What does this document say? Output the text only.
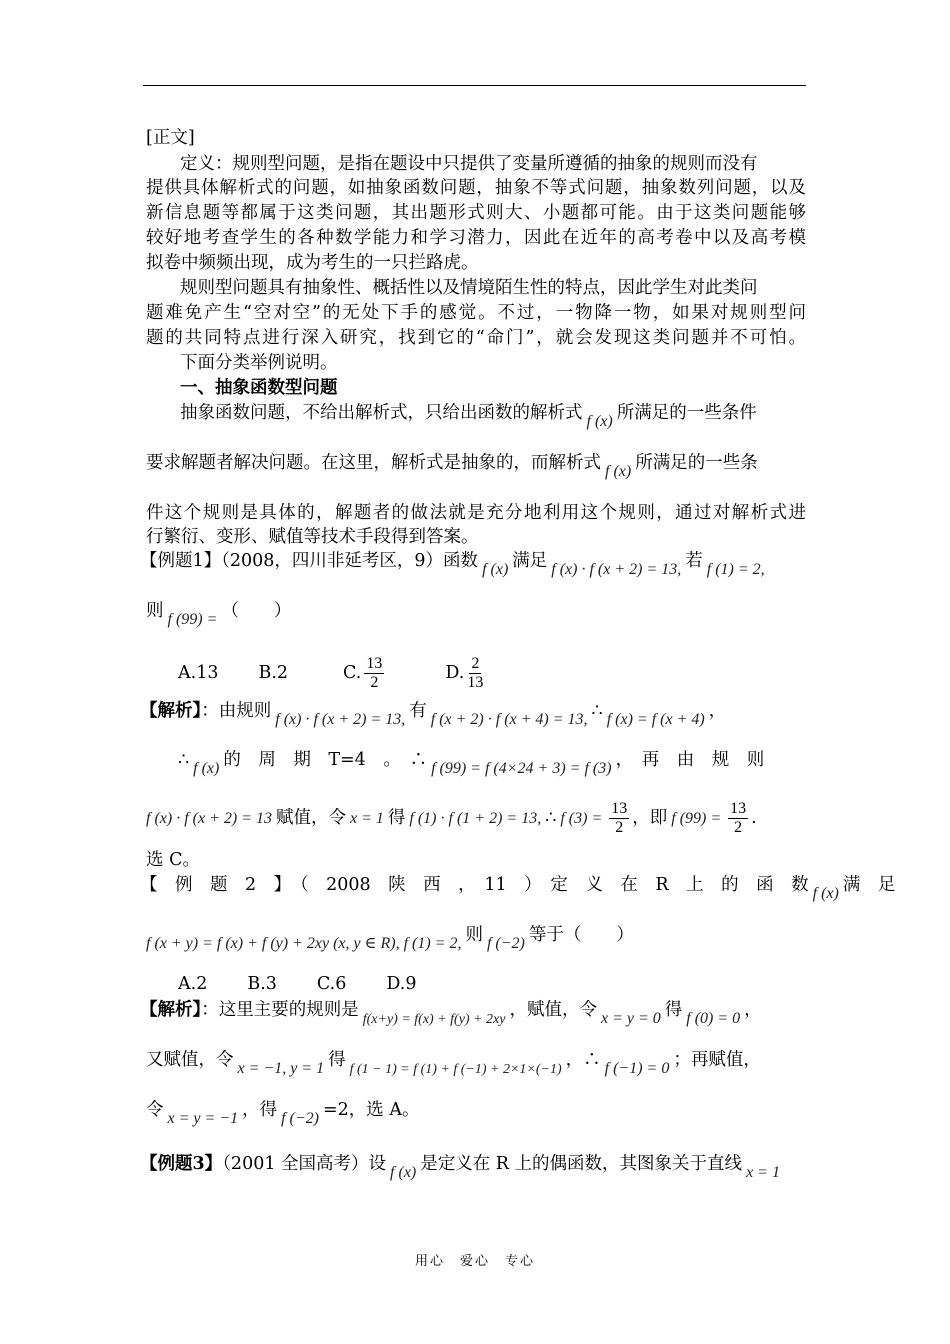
[正文]
定义：规则型问题，是指在题设中只提供了变量所遵循的抽象的规则而没有
提供具体解析式的问题，如抽象函数问题，抽象不等式问题，抽象数列问题，以及
新信息题等都属于这类问题，其出题形式则大、小题都可能。由于这类问题能够
较好地考查学生的各种数学能力和学习潜力，因此在近年的高考卷中以及高考模
拟卷中频频出现，成为考生的一只拦路虎。
规则型问题具有抽象性、概括性以及情境陌生性的特点，因此学生对此类问
题难免产生“空对空”的无处下手的感觉。不过，一物降一物，如果对规则型问
题的共同特点进行深入研究，找到它的“命门”，就会发现这类问题并不可怕。
下面分类举例说明。
一、抽象函数型问题
抽象函数问题，不给出解析式，只给出函数的解析式 f (x) 所满足的一些条件
要求解题者解决问题。在这里，解析式是抽象的，而解析式 f (x) 所满足的一些条
件这个规则是具体的，解题者的做法就是充分地利用这个规则，通过对解析式进
行繁衍、变形、赋值等技术手段得到答案。
【例题1】（2008，四川非延考区，9）函数 f (x) 满足 f (x) · f (x + 2) = 13, 若 f (1) = 2,
则 f (99) = （　　）
A.13 B.2	C. $\frac{13}{2}$	D. $\frac{2}{13}$
【解析】：由规则 f (x) · f (x + 2) = 13, 有 f (x + 2) · f (x + 4) = 13, ∴ f (x) = f (x + 4) ，
∴ f (x) 的　周　期　T=4　。　∴ f (99) = f (4×24 + 3) = f (3) ，　再　由　规　则
f (x) · f (x + 2) = 13 赋值，令 x = 1 得 f (1) · f (1 + 2) = 13, ∴ f $(3) = \frac{13}{2}$ ，即 f $(99) = \frac{13}{2}$ .
选 C。
【　例　题　2　】　（　2008　陕　西　，　11　）　定　义　在　R　上　的　函　数 f (x) 满　足
f (x + y) = f (x) + f (y) + 2xy (x, y ∈ R), f (1) = 2, 则 f (−2) 等于（　　）
A.2 B.3 C.6 D.9
【解析】：这里主要的规则是 $_{f(x+y) = f(x) + f(y) + 2xy}$ ，赋值，令 x = y = 0 得 f (0) = 0 ，
又赋值，令 x = −1, y = 1 得 $_{f (1 - 1) = f (1) + f (-1) + 2\times 1\times(-1)}$ ，∴ f (−1) = 0 ；再赋值，
令 x = y = −1 ，得 f (−2) =2，选 A。
【例题3】（2001 全国高考）设 f (x) 是定义在 R 上的偶函数，其图象关于直线 x = 1
用心　爱心　专心
